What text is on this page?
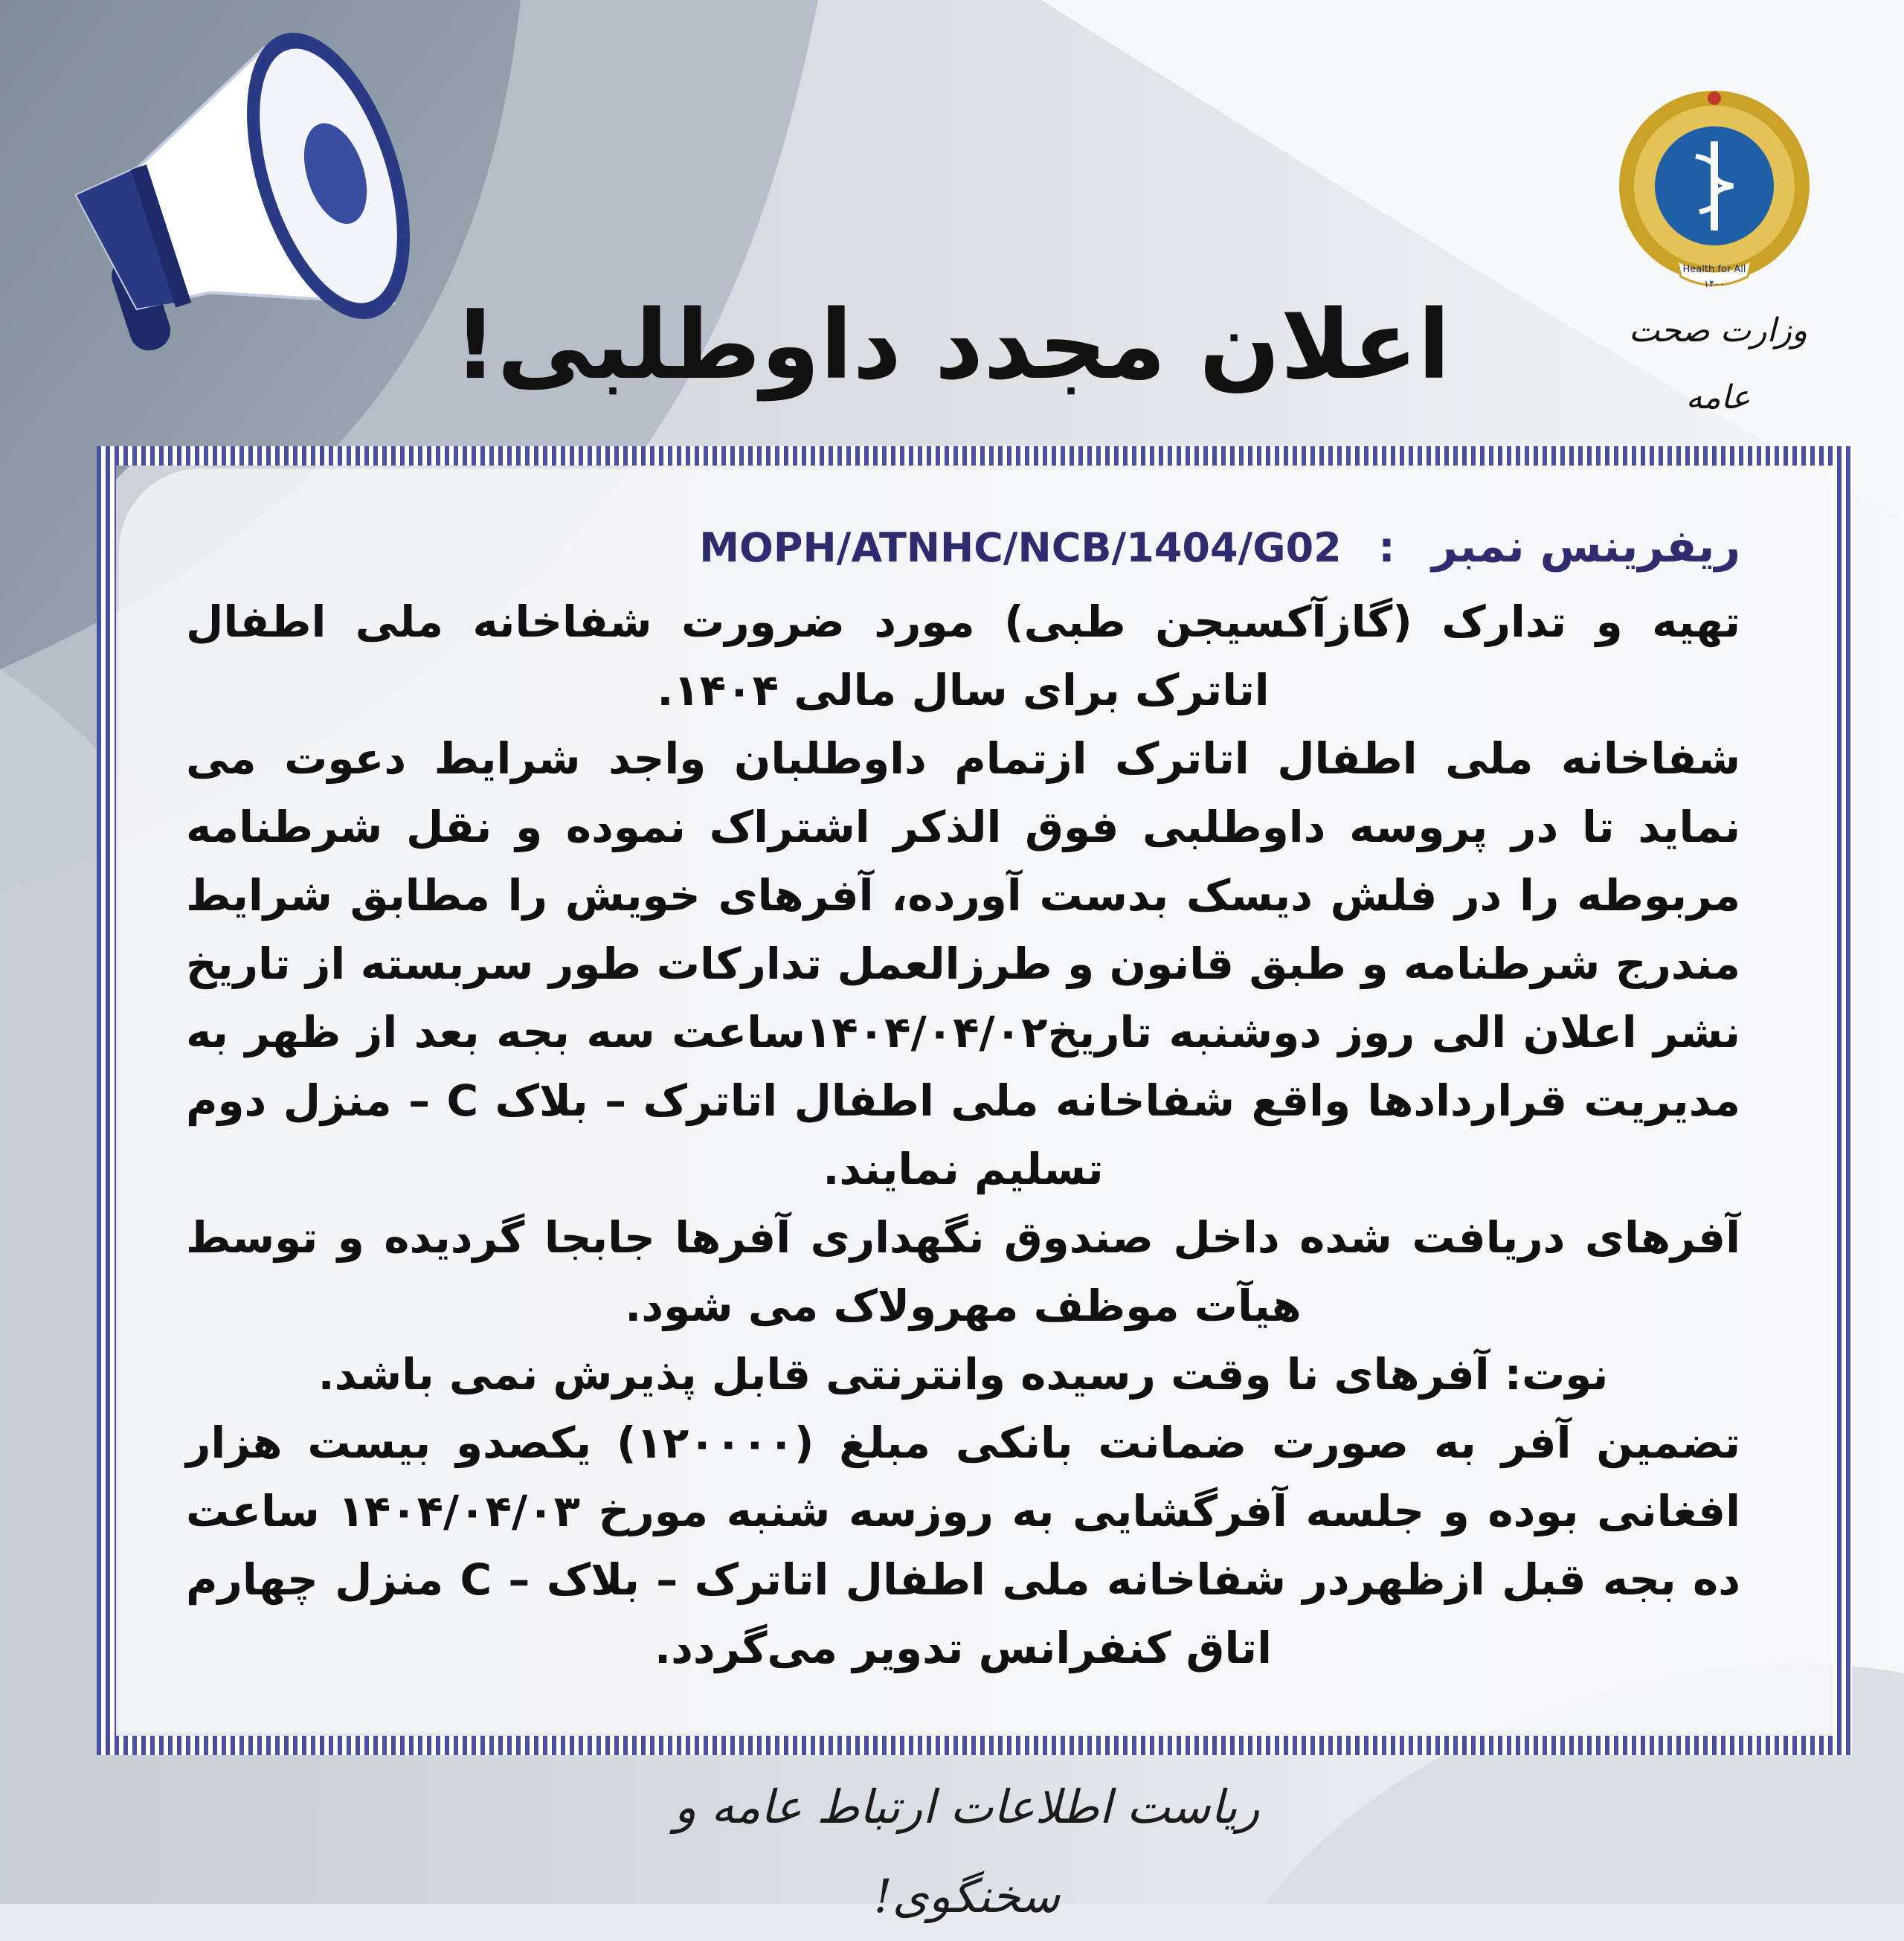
Health for All
۱۴۰۰
وزارت صحت عامه
اعلان مجدد داوطلبی!
ریفرینس نمبر : MOPH/ATNHC/NCB/1404/G02

تهیه و تدارک (گازآکسیجن طبی) مورد ضرورت شفاخانه ملی اطفال اتاترک برای سال مالی ۱۴۰۴.

شفاخانه ملی اطفال اتاترک ازتمام داوطلبان واجد شرایط دعوت می نماید تا در پروسه داوطلبی فوق الذکر اشتراک نموده و نقل شرطنامه مربوطه را در فلش دیسک بدست آورده، آفرهای خویش را مطابق شرایط مندرج شرطنامه و طبق قانون و طرزالعمل تدارکات طور سربسته از تاریخ نشر اعلان الی روز دوشنبه تاریخ۱۴۰۴/۰۴/۰۲ساعت سه بجه بعد از ظهر به مدیریت قراردادها واقع شفاخانه ملی اطفال اتاترک – بلاک C – منزل دوم تسلیم نمایند.

آفرهای دریافت شده داخل صندوق نگهداری آفرها جابجا گردیده و توسط هیآت موظف مهرولاک می شود.

نوت: آفرهای نا وقت رسیده وانترنتی قابل پذیرش نمی باشد.

تضمین آفر به صورت ضمانت بانکی مبلغ (۱۲۰۰۰۰) یکصدو بیست هزار افغانی بوده و جلسه آفرگشایی به روزسه شنبه مورخ ۱۴۰۴/۰۴/۰۳ ساعت ده بجه قبل ازظهردر شفاخانه ملی اطفال اتاترک – بلاک – C منزل چهارم اتاق کنفرانس تدویر می‌گردد.

ریاست اطلاعات ارتباط عامه و سخنگوی!
